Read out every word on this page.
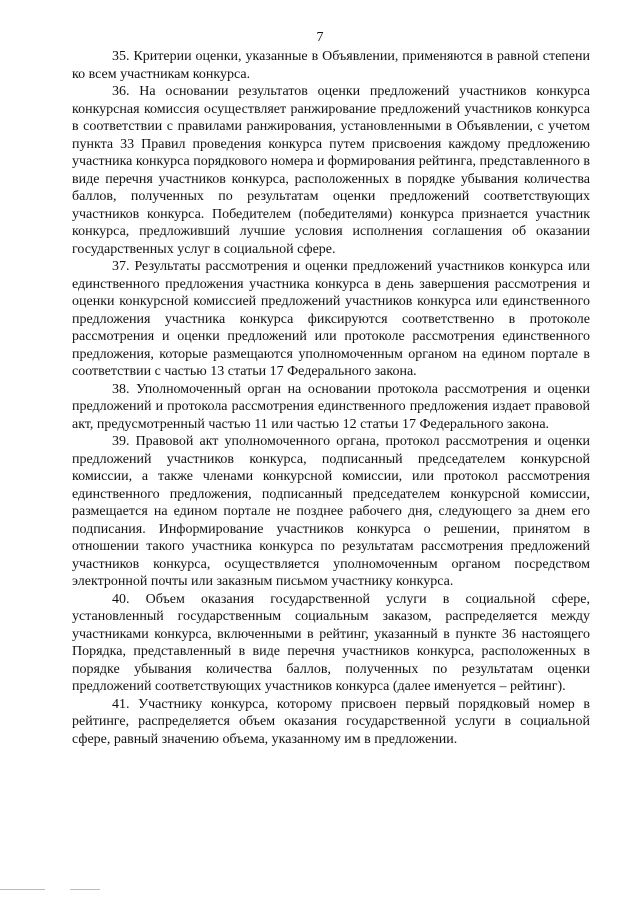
7

35. Критерии оценки, указанные в Объявлении, применяются в равной степени ко всем участникам конкурса.

36. На основании результатов оценки предложений участников конкурса конкурсная комиссия осуществляет ранжирование предложений участников конкурса в соответствии с правилами ранжирования, установленными в Объявлении, с учетом пункта 33 Правил проведения конкурса путем присвоения каждому предложению участника конкурса порядкового номера и формирования рейтинга, представленного в виде перечня участников конкурса, расположенных в порядке убывания количества баллов, полученных по результатам оценки предложений соответствующих участников конкурса. Победителем (победителями) конкурса признается участник конкурса, предложивший лучшие условия исполнения соглашения об оказании государственных услуг в социальной сфере.

37. Результаты рассмотрения и оценки предложений участников конкурса или единственного предложения участника конкурса в день завершения рассмотрения и оценки конкурсной комиссией предложений участников конкурса или единственного предложения участника конкурса фиксируются соответственно в протоколе рассмотрения и оценки предложений или протоколе рассмотрения единственного предложения, которые размещаются уполномоченным органом на едином портале в соответствии с частью 13 статьи 17 Федерального закона.

38. Уполномоченный орган на основании протокола рассмотрения и оценки предложений и протокола рассмотрения единственного предложения издает правовой акт, предусмотренный частью 11 или частью 12 статьи 17 Федерального закона.

39. Правовой акт уполномоченного органа, протокол рассмотрения и оценки предложений участников конкурса, подписанный председателем конкурсной комиссии, а также членами конкурсной комиссии, или протокол рассмотрения единственного предложения, подписанный председателем конкурсной комиссии, размещается на едином портале не позднее рабочего дня, следующего за днем его подписания. Информирование участников конкурса о решении, принятом в отношении такого участника конкурса по результатам рассмотрения предложений участников конкурса, осуществляется уполномоченным органом посредством электронной почты или заказным письмом участнику конкурса.

40. Объем оказания государственной услуги в социальной сфере, установленный государственным социальным заказом, распределяется между участниками конкурса, включенными в рейтинг, указанный в пункте 36 настоящего Порядка, представленный в виде перечня участников конкурса, расположенных в порядке убывания количества баллов, полученных по результатам оценки предложений соответствующих участников конкурса (далее именуется – рейтинг).

41. Участнику конкурса, которому присвоен первый порядковый номер в рейтинге, распределяется объем оказания государственной услуги в социальной сфере, равный значению объема, указанному им в предложении.
